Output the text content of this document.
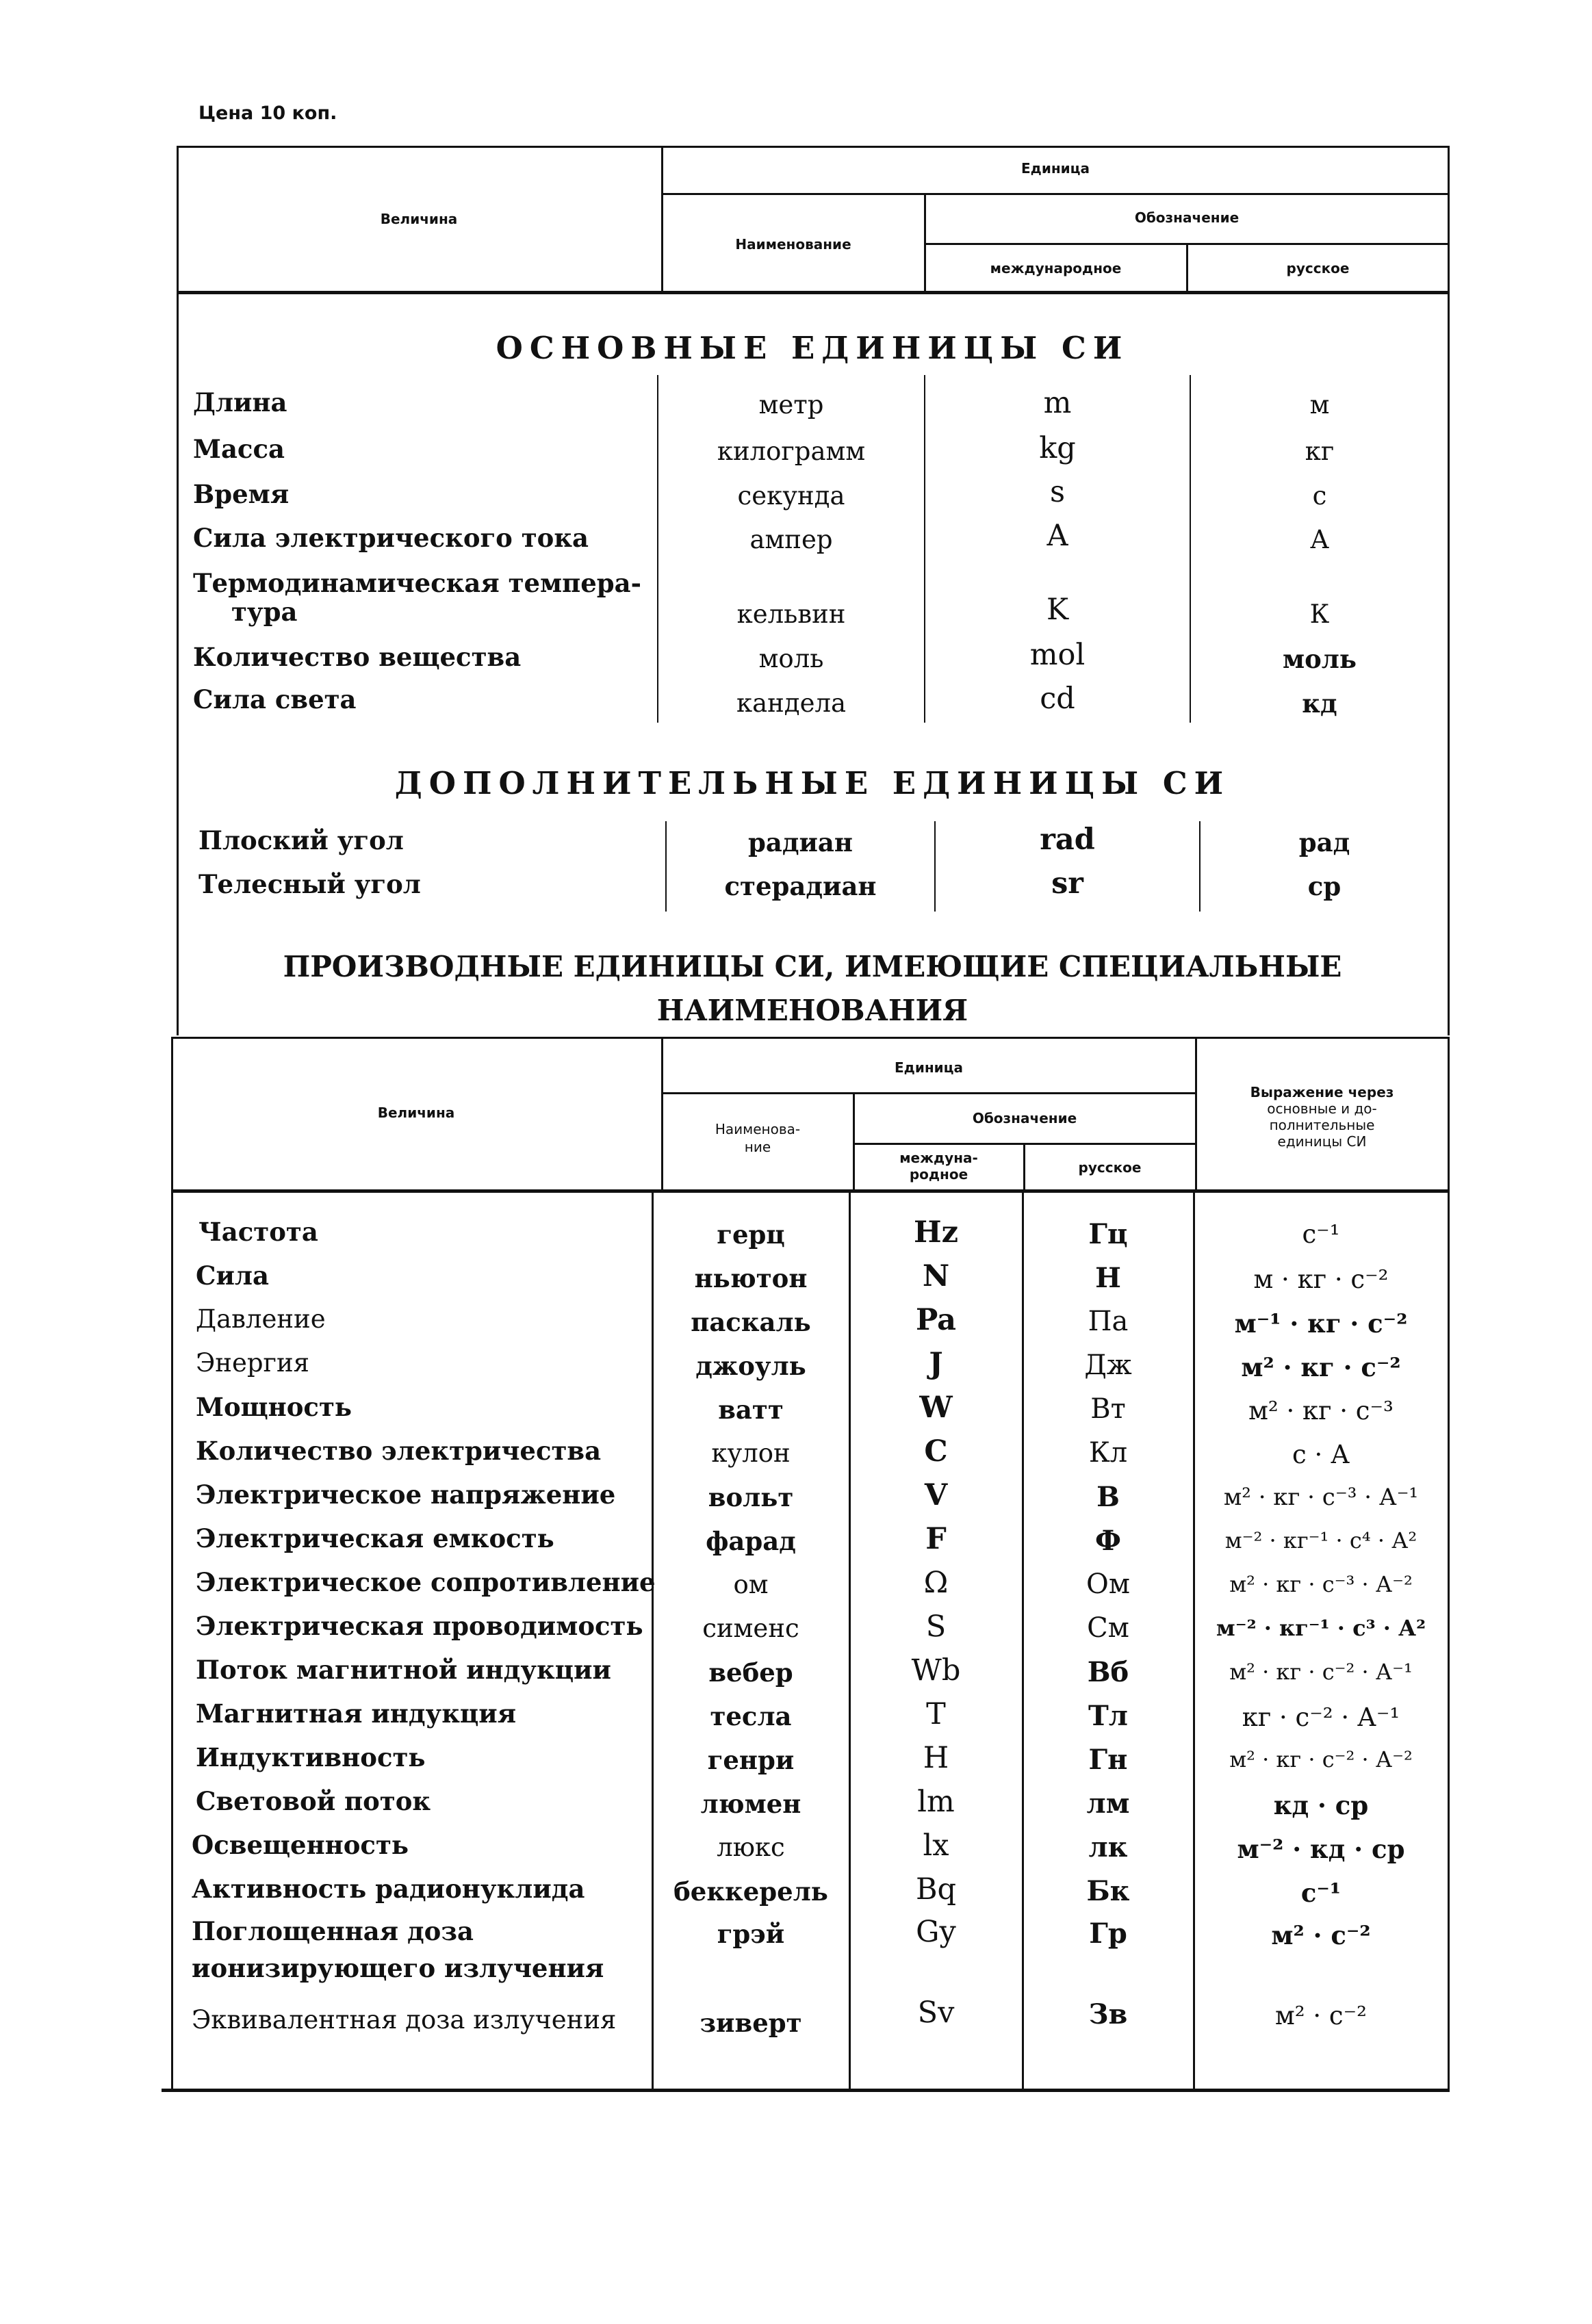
Цена 10 коп.
Величина
Единица
Наименование
Обозначение
международное	русское
ОСНОВНЫЕ ЕДИНИЦЫ СИ
Длина	метр	m	м
Масса	килограмм	kg	кг
Время	секунда	s	с
Сила электрического тока	ампер	A	А
Термодинамическая темпера-
тура	кельвин	K	К
Количество вещества	моль	mol	моль
Сила света	кандела	cd	кд
ДОПОЛНИТЕЛЬНЫЕ ЕДИНИЦЫ СИ
Плоский угол	радиан	rad	рад
Телесный угол	стерадиан	sr	ср
ПРОИЗВОДНЫЕ ЕДИНИЦЫ СИ, ИМЕЮЩИЕ СПЕЦИАЛЬНЫЕ
НАИМЕНОВАНИЯ
Величина
Единица
Наименова-
ние
Обозначение
междуна-
родное	русское
Выражение через
основные и до-
полнительные
единицы СИ
Частота	герц	Hz	Гц	с⁻¹
Сила	ньютон	N	Н	м · кг · с⁻²
Давление	паскаль	Pa	Па	м⁻¹ · кг · с⁻²
Энергия	джоуль	J	Дж	м² · кг · с⁻²
Мощность	ватт	W	Вт	м² · кг · с⁻³
Количество электричества	кулон	C	Кл	с · А
Электрическое напряжение	вольт	V	В	м² · кг · с⁻³ · А⁻¹
Электрическая емкость	фарад	F	Ф	м⁻² · кг⁻¹ · с⁴ · А²
Электрическое сопротивление	ом	Ω	Ом	м² · кг · с⁻³ · А⁻²
Электрическая проводимость	сименс	S	См	м⁻² · кг⁻¹ · с³ · А²
Поток магнитной индукции	вебер	Wb	Вб	м² · кг · с⁻² · А⁻¹
Магнитная индукция	тесла	T	Тл	кг · с⁻² · А⁻¹
Индуктивность	генри	H	Гн	м² · кг · с⁻² · А⁻²
Световой поток	люмен	lm	лм	кд · ср
Освещенность	люкс	lx	лк	м⁻² · кд · ср
Активность радионуклида	беккерель	Bq	Бк	с⁻¹
Поглощенная доза
ионизирующего излучения
грэй	Gy	Гр	м² · с⁻²
Эквивалентная доза излучения	зиверт	Sv	Зв	м² · с⁻²
